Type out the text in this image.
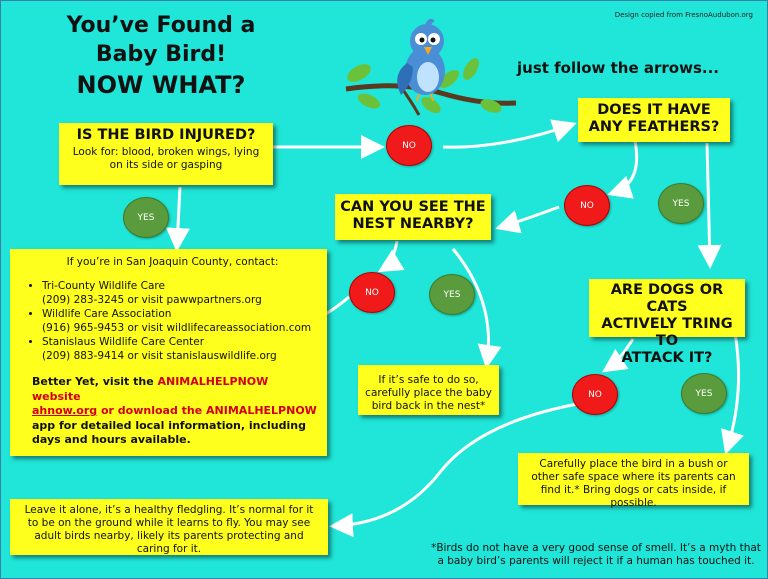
Design copied from FresnoAudubon.org
You’ve Found a
Baby Bird!
NOW WHAT?
just follow the arrows...
IS THE BIRD INJURED?
Look for: blood, broken wings, lying on its side or gasping
DOES IT HAVE
ANY FEATHERS?
CAN YOU SEE THE
NEST NEARBY?
ARE DOGS OR CATS
ACTIVELY TRING TO
ATTACK IT?
If you’re in San Joaquin County, contact:
• Tri-County Wildlife Care
(209) 283-3245 or visit pawwpartners.org
• Wildlife Care Association
(916) 965-9453 or visit wildlifecareassociation.com
• Stanislaus Wildlife Care Center
(209) 883-9414 or visit stanislauswildlife.org
Better Yet, visit the ANIMALHELPNOW website
ahnow.org or download the ANIMALHELPNOW
app for detailed local information, including days and hours available.
If it’s safe to do so, carefully place the baby bird back in the nest*
Carefully place the bird in a bush or other safe space where its parents can find it.* Bring dogs or cats inside, if possible.
Leave it alone, it’s a healthy fledgling. It’s normal for it to be on the ground while it learns to fly. You may see adult birds nearby, likely its parents protecting and caring for it.	*Birds do not have a very good sense of smell. It’s a myth that a baby bird’s parents will reject it if a human has touched it.
NO
YES
NO	YES
NO	YES
NO	YES
